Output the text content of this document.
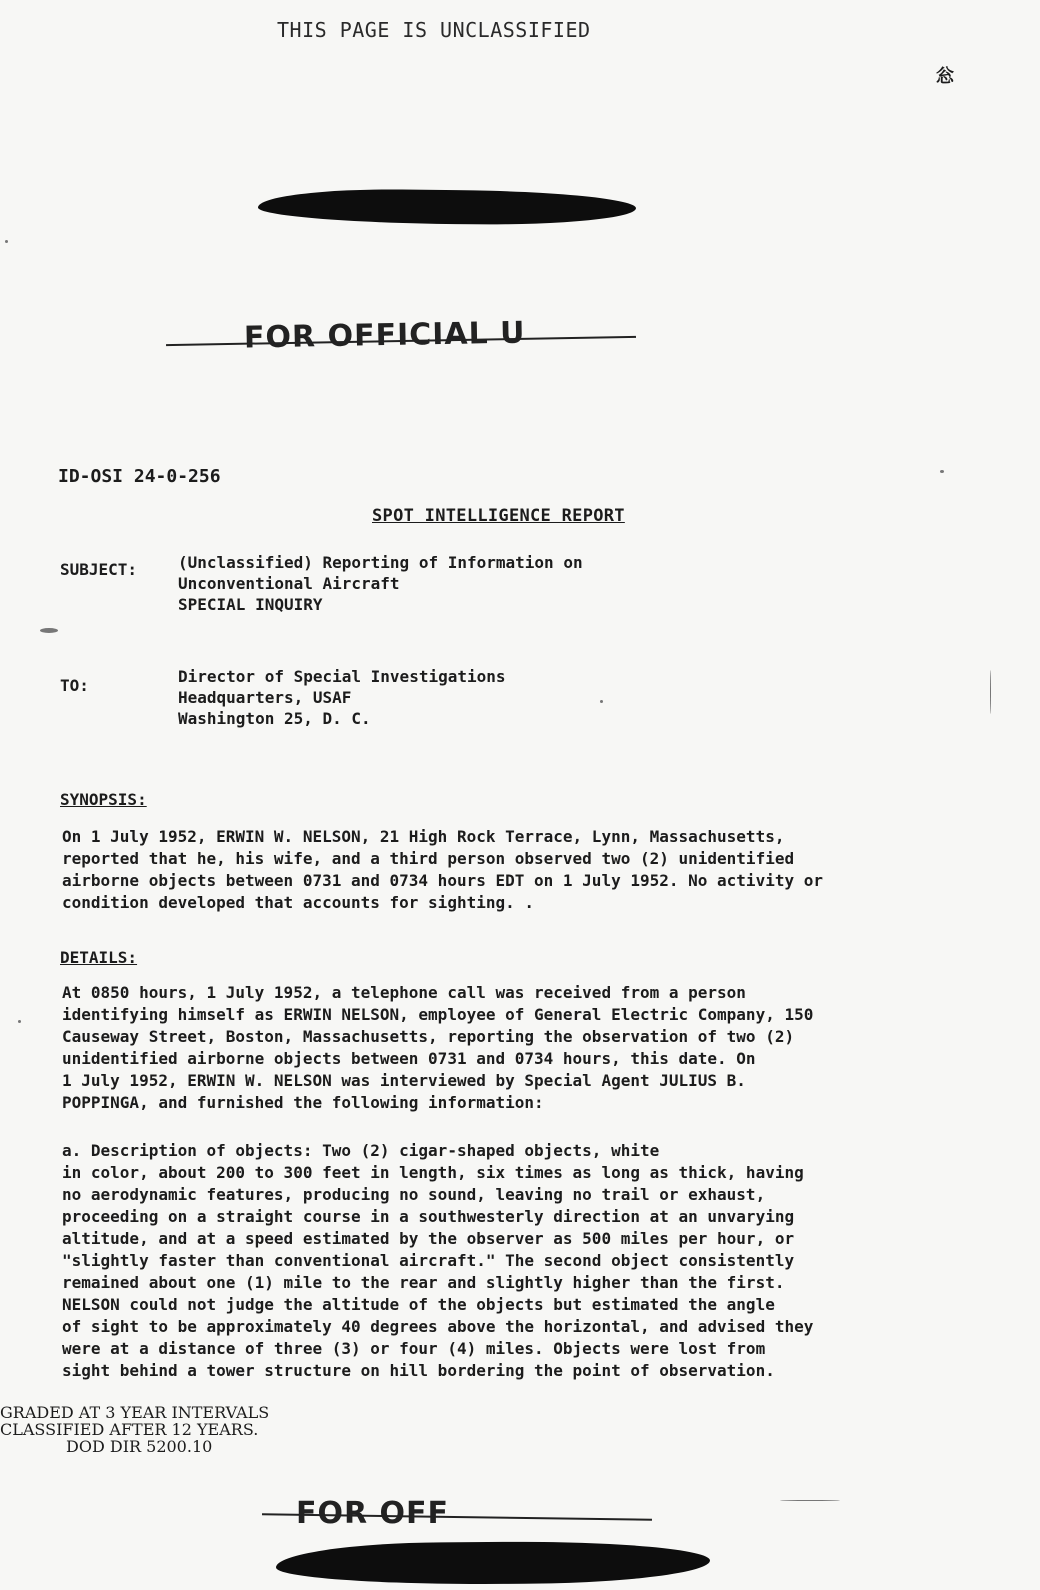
THIS PAGE IS UNCLASSIFIED
忩
FOR OFFICIAL U
ID-OSI 24-0-256
SPOT INTELLIGENCE REPORT
SUBJECT:	(Unclassified) Reporting of Information on
Unconventional Aircraft
SPECIAL INQUIRY
TO:	Director of Special Investigations
Headquarters, USAF
Washington 25, D. C.
SYNOPSIS:
On 1 July 1952, ERWIN W. NELSON, 21 High Rock Terrace, Lynn, Massachusetts,
reported that he, his wife, and a third person observed two (2) unidentified
airborne objects between 0731 and 0734 hours EDT on 1 July 1952. No activity or
condition developed that accounts for sighting. .
DETAILS:
At 0850 hours, 1 July 1952, a telephone call was received from a person
identifying himself as ERWIN NELSON, employee of General Electric Company, 150
Causeway Street, Boston, Massachusetts, reporting the observation of two (2)
unidentified airborne objects between 0731 and 0734 hours, this date. On
1 July 1952, ERWIN W. NELSON was interviewed by Special Agent JULIUS B.
POPPINGA, and furnished the following information:
a. Description of objects: Two (2) cigar-shaped objects, white
in color, about 200 to 300 feet in length, six times as long as thick, having
no aerodynamic features, producing no sound, leaving no trail or exhaust,
proceeding on a straight course in a southwesterly direction at an unvarying
altitude, and at a speed estimated by the observer as 500 miles per hour, or
"slightly faster than conventional aircraft." The second object consistently
remained about one (1) mile to the rear and slightly higher than the first.
NELSON could not judge the altitude of the objects but estimated the angle
of sight to be approximately 40 degrees above the horizontal, and advised they
were at a distance of three (3) or four (4) miles. Objects were lost from
sight behind a tower structure on hill bordering the point of observation.
GRADED AT 3 YEAR INTERVALS
CLASSIFIED AFTER 12 YEARS.
DOD DIR 5200.10
FOR OFF
